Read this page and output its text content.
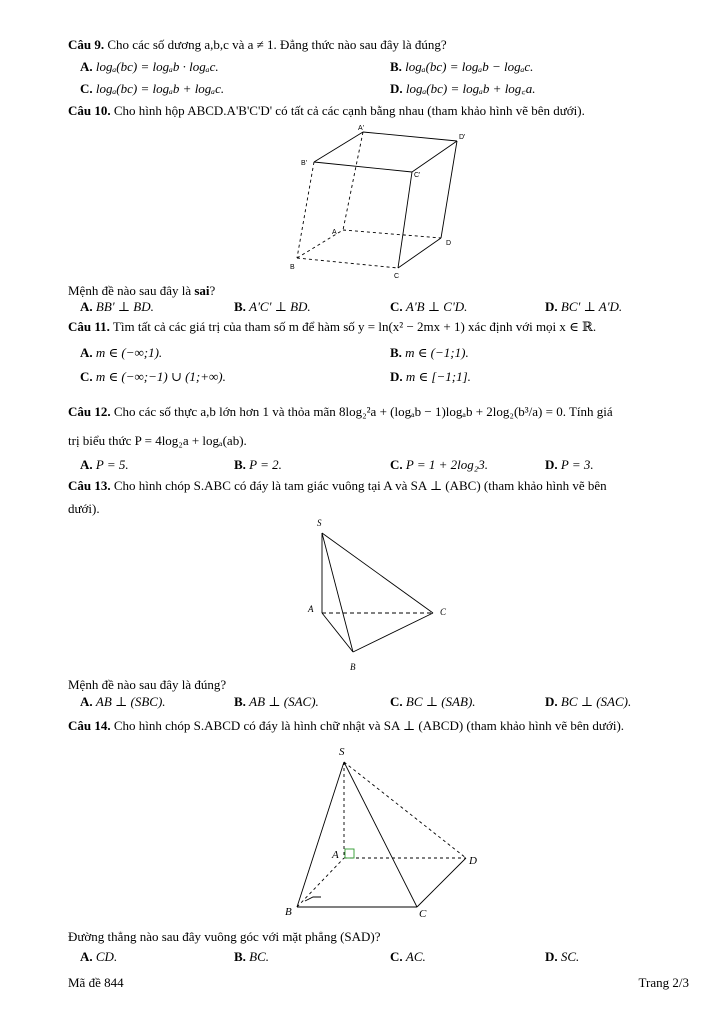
Câu 9. Cho các số dương a,b,c và a ≠ 1. Đẳng thức nào sau đây là đúng?
A. logₐ(bc) = logₐb · logₐc.	B. logₐ(bc) = logₐb − logₐc.
C. logₐ(bc) = logₐb + logₐc.	D. logₐ(bc) = logₐb + log꜀a.
Câu 10. Cho hình hộp ABCD.A'B'C'D' có tất cả các cạnh bằng nhau (tham khảo hình vẽ bên dưới).
A'
D'
B'
C'
A
D
B
C
Mệnh đề nào sau đây là sai?
A. BB' ⊥ BD.	B. A'C' ⊥ BD.	C. A'B ⊥ C'D.	D. BC' ⊥ A'D.
Câu 11. Tìm tất cả các giá trị của tham số m để hàm số y = ln(x² − 2mx + 1) xác định với mọi x ∈ ℝ.
A. m ∈ (−∞;1).	B. m ∈ (−1;1).
C. m ∈ (−∞;−1) ∪ (1;+∞).	D. m ∈ [−1;1].
Câu 12. Cho các số thực a,b lớn hơn 1 và thỏa mãn 8log₂²a + (logₐb − 1)logₐb + 2log₂(b³/a) = 0. Tính giá
trị biểu thức P = 4log₂a + logₐ(ab).
A. P = 5.	B. P = 2.	C. P = 1 + 2log₂3.	D. P = 3.
Câu 13. Cho hình chóp S.ABC có đáy là tam giác vuông tại A và SA ⊥ (ABC) (tham khảo hình vẽ bên
dưới).
S
A	C
B
Mệnh đề nào sau đây là đúng?
A. AB ⊥ (SBC).	B. AB ⊥ (SAC).	C. BC ⊥ (SAB).	D. BC ⊥ (SAC).
Câu 14. Cho hình chóp S.ABCD có đáy là hình chữ nhật và SA ⊥ (ABCD) (tham khảo hình vẽ bên dưới).
S
A	D
B	C
Đường thẳng nào sau đây vuông góc với mặt phẳng (SAD)?
A. CD.	B. BC.	C. AC.	D. SC.
Mã đề 844	Trang 2/3
